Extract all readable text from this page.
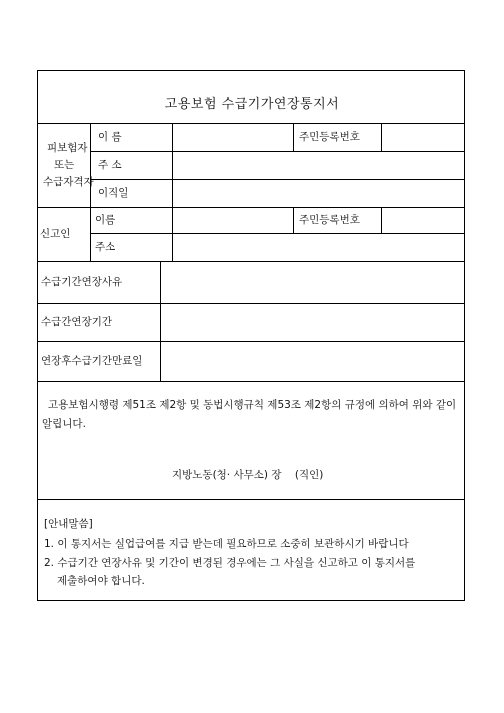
고용보험 수급기가연장통지서
피보험자
또는
수급자격자
이 름	주민등록번호
주 소
이직일
신고인
이름	주민등록번호
주소
수급기간연장사유
수급간연장기간
연장후수급기간만료일
고용보험시행령 제51조 제2항 및 동법시행규칙 제53조 제2항의 규정에 의하여 위와 같이 알립니다.
지방노동(청· 사무소) 장    (직인)
[안내말씀]
1. 이 통지서는 실업급여를 지급 받는데 필요하므로 소중히 보관하시기 바랍니다
2. 수급기간 연장사유 및 기간이 변경된 경우에는 그 사실을 신고하고 이 통지서를
제출하여야 합니다.
